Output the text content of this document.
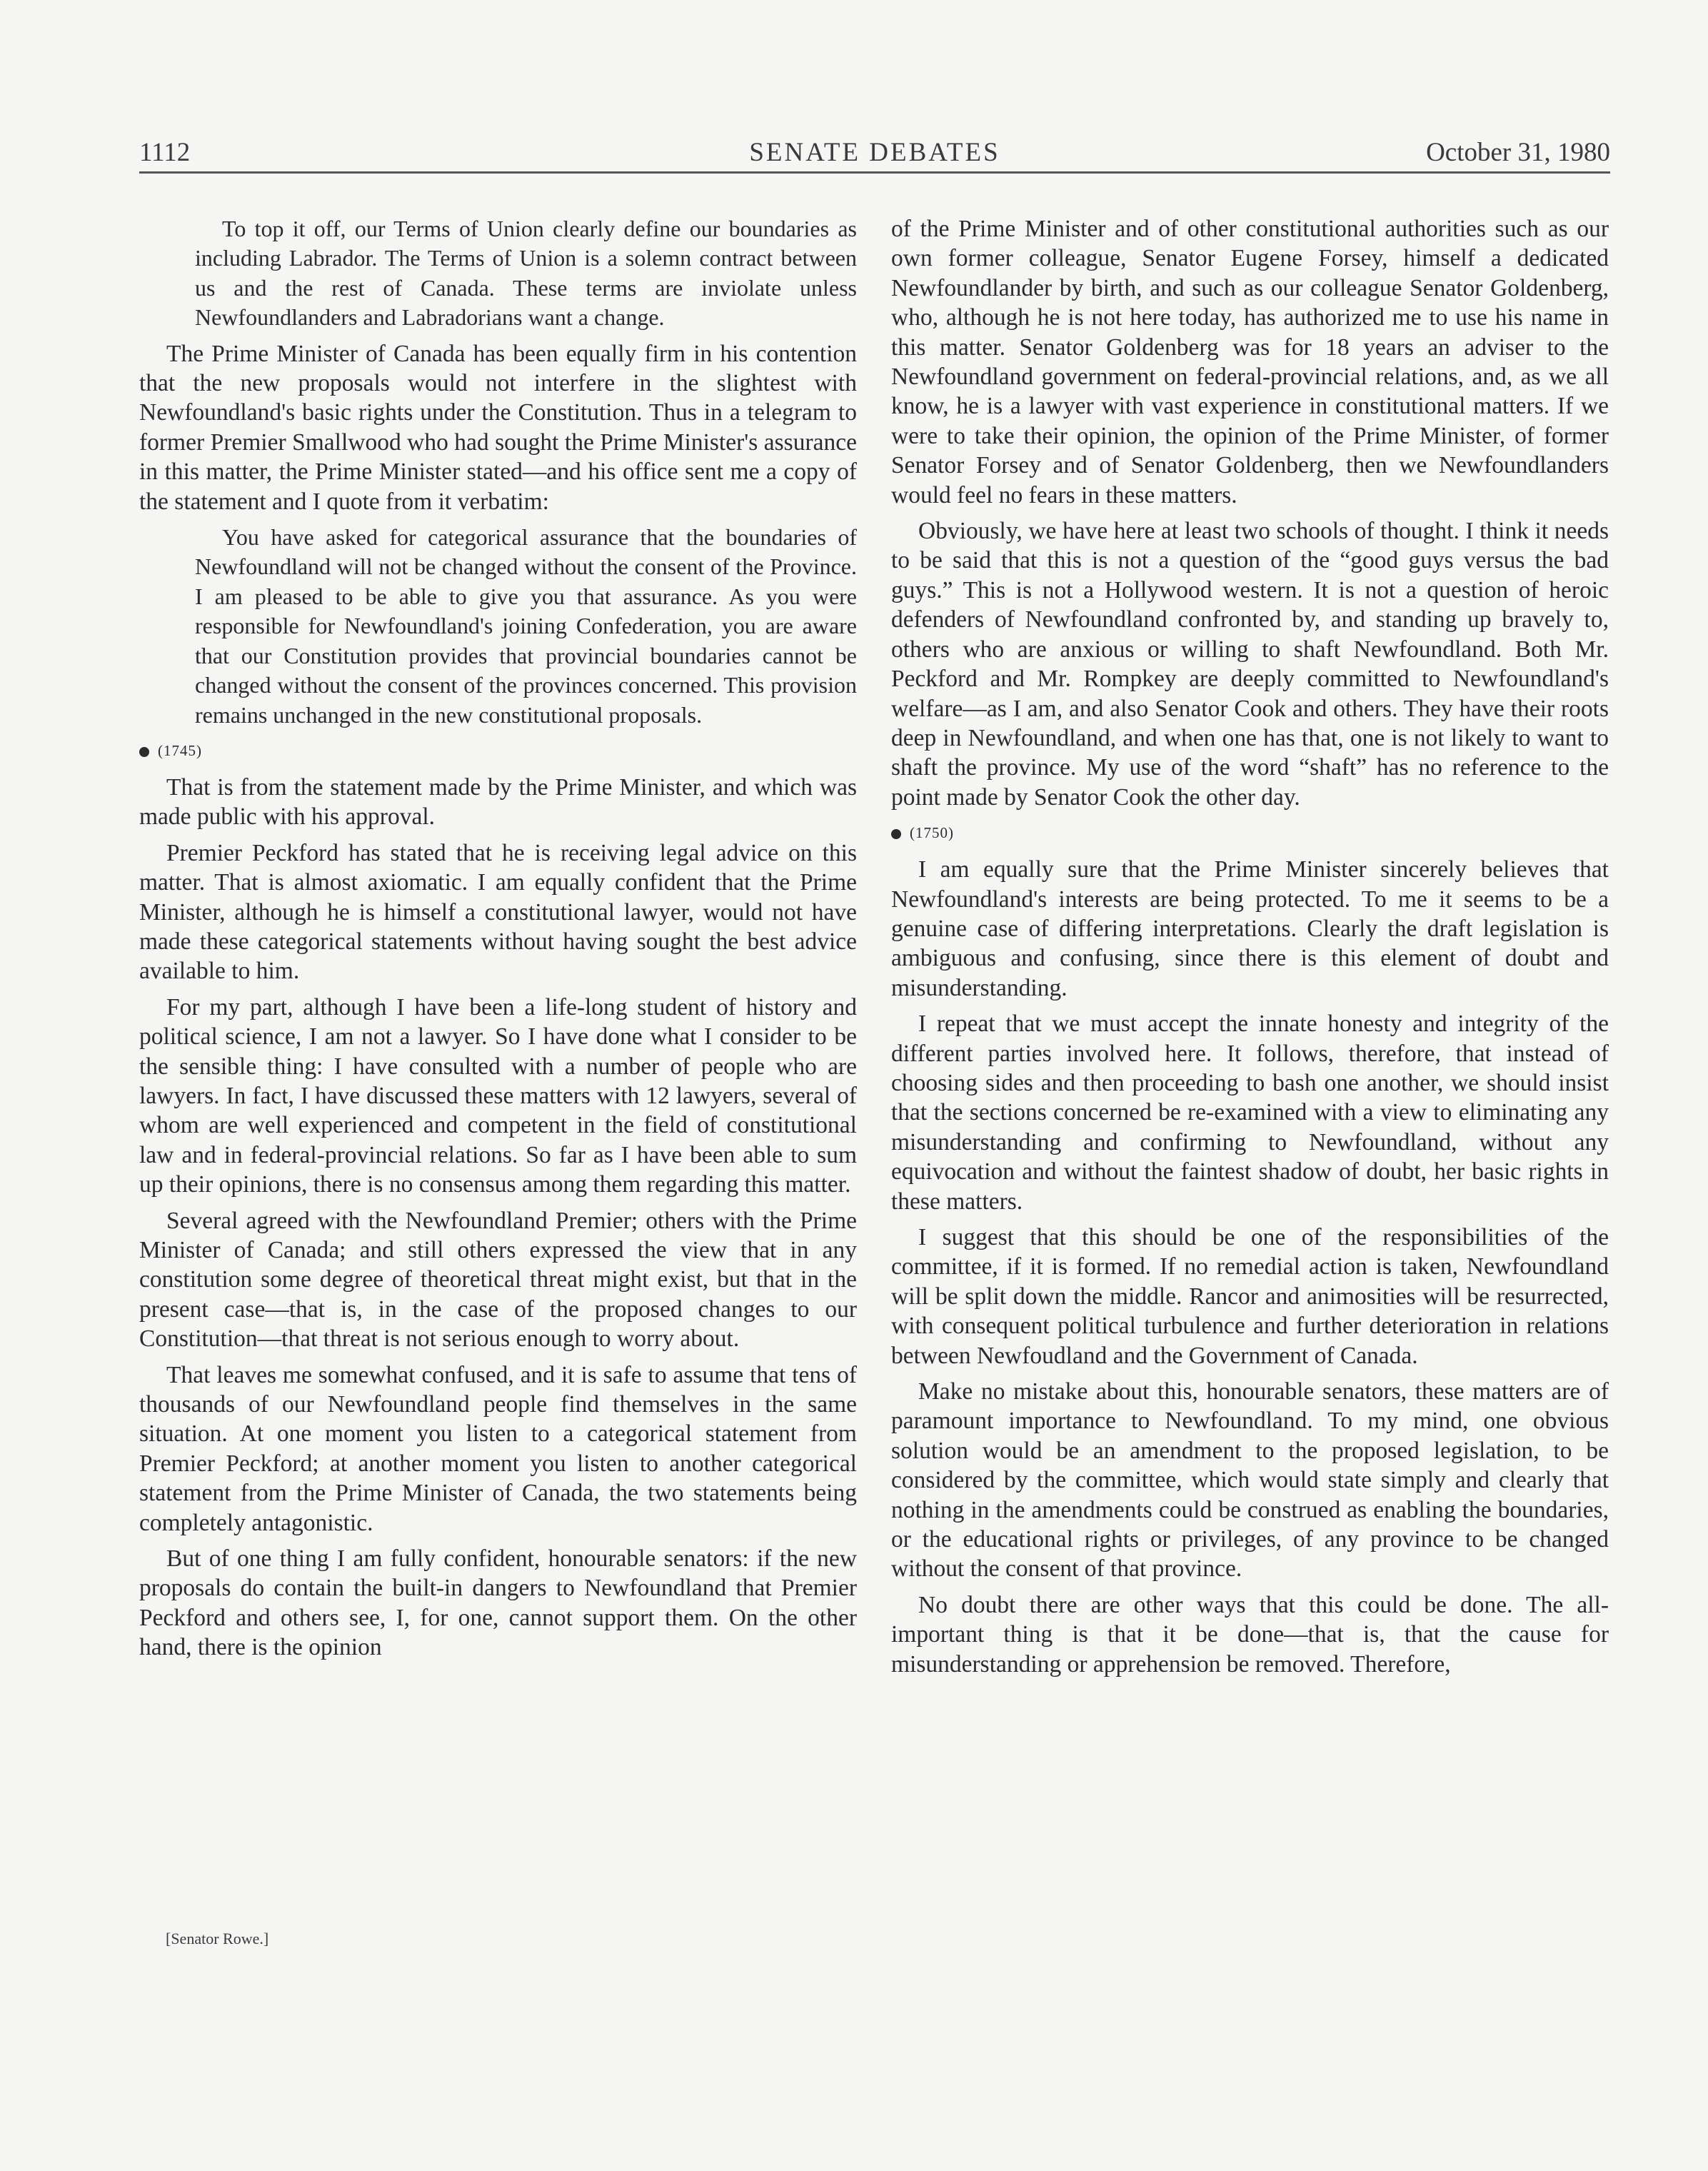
1112	SENATE DEBATES	October 31, 1980

To top it off, our Terms of Union clearly define our boundaries as including Labrador. The Terms of Union is a solemn contract between us and the rest of Canada. These terms are inviolate unless Newfoundlanders and Labradorians want a change.

The Prime Minister of Canada has been equally firm in his contention that the new proposals would not interfere in the slightest with Newfoundland's basic rights under the Constitution. Thus in a telegram to former Premier Smallwood who had sought the Prime Minister's assurance in this matter, the Prime Minister stated—and his office sent me a copy of the statement and I quote from it verbatim:

You have asked for categorical assurance that the boundaries of Newfoundland will not be changed without the consent of the Province. I am pleased to be able to give you that assurance. As you were responsible for Newfoundland's joining Confederation, you are aware that our Constitution provides that provincial boundaries cannot be changed without the consent of the provinces concerned. This provision remains unchanged in the new constitutional proposals.

(1745)

That is from the statement made by the Prime Minister, and which was made public with his approval.

Premier Peckford has stated that he is receiving legal advice on this matter. That is almost axiomatic. I am equally confident that the Prime Minister, although he is himself a constitutional lawyer, would not have made these categorical statements without having sought the best advice available to him.

For my part, although I have been a life-long student of history and political science, I am not a lawyer. So I have done what I consider to be the sensible thing: I have consulted with a number of people who are lawyers. In fact, I have discussed these matters with 12 lawyers, several of whom are well experienced and competent in the field of constitutional law and in federal-provincial relations. So far as I have been able to sum up their opinions, there is no consensus among them regarding this matter.

Several agreed with the Newfoundland Premier; others with the Prime Minister of Canada; and still others expressed the view that in any constitution some degree of theoretical threat might exist, but that in the present case—that is, in the case of the proposed changes to our Constitution—that threat is not serious enough to worry about.

That leaves me somewhat confused, and it is safe to assume that tens of thousands of our Newfoundland people find themselves in the same situation. At one moment you listen to a categorical statement from Premier Peckford; at another moment you listen to another categorical statement from the Prime Minister of Canada, the two statements being completely antagonistic.

But of one thing I am fully confident, honourable senators: if the new proposals do contain the built-in dangers to Newfoundland that Premier Peckford and others see, I, for one, cannot support them. On the other hand, there is the opinion

of the Prime Minister and of other constitutional authorities such as our own former colleague, Senator Eugene Forsey, himself a dedicated Newfoundlander by birth, and such as our colleague Senator Goldenberg, who, although he is not here today, has authorized me to use his name in this matter. Senator Goldenberg was for 18 years an adviser to the Newfoundland government on federal-provincial relations, and, as we all know, he is a lawyer with vast experience in constitutional matters. If we were to take their opinion, the opinion of the Prime Minister, of former Senator Forsey and of Senator Goldenberg, then we Newfoundlanders would feel no fears in these matters.

Obviously, we have here at least two schools of thought. I think it needs to be said that this is not a question of the “good guys versus the bad guys.” This is not a Hollywood western. It is not a question of heroic defenders of Newfoundland confronted by, and standing up bravely to, others who are anxious or willing to shaft Newfoundland. Both Mr. Peckford and Mr. Rompkey are deeply committed to Newfoundland's welfare—as I am, and also Senator Cook and others. They have their roots deep in Newfoundland, and when one has that, one is not likely to want to shaft the province. My use of the word “shaft” has no reference to the point made by Senator Cook the other day.

(1750)

I am equally sure that the Prime Minister sincerely believes that Newfoundland's interests are being protected. To me it seems to be a genuine case of differing interpretations. Clearly the draft legislation is ambiguous and confusing, since there is this element of doubt and misunderstanding.

I repeat that we must accept the innate honesty and integrity of the different parties involved here. It follows, therefore, that instead of choosing sides and then proceeding to bash one another, we should insist that the sections concerned be re-examined with a view to eliminating any misunderstanding and confirming to Newfoundland, without any equivocation and without the faintest shadow of doubt, her basic rights in these matters.

I suggest that this should be one of the responsibilities of the committee, if it is formed. If no remedial action is taken, Newfoundland will be split down the middle. Rancor and animosities will be resurrected, with consequent political turbulence and further deterioration in relations between Newfoudland and the Government of Canada.

Make no mistake about this, honourable senators, these matters are of paramount importance to Newfoundland. To my mind, one obvious solution would be an amendment to the proposed legislation, to be considered by the committee, which would state simply and clearly that nothing in the amendments could be construed as enabling the boundaries, or the educational rights or privileges, of any province to be changed without the consent of that province.

No doubt there are other ways that this could be done. The all-important thing is that it be done—that is, that the cause for misunderstanding or apprehension be removed. Therefore,

[Senator Rowe.]
